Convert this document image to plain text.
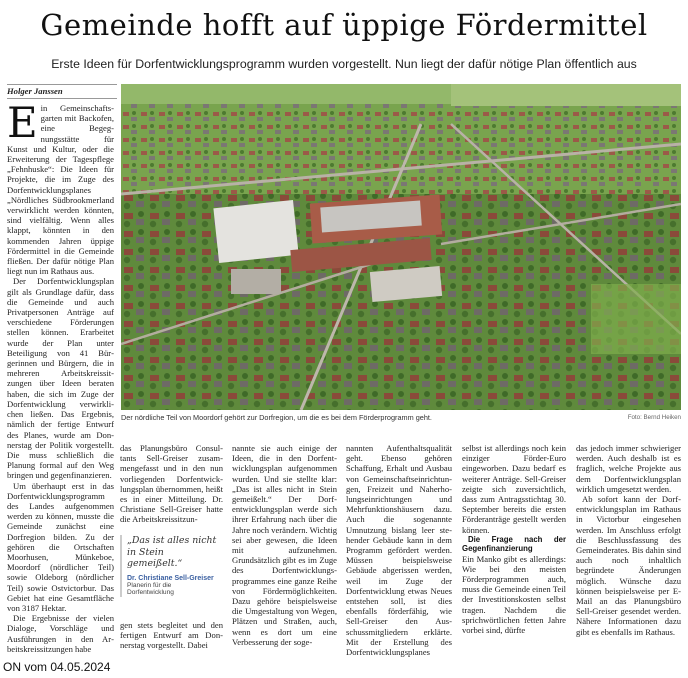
Gemeinde hofft auf üppige Fördermittel
Erste Ideen für Dorfentwicklungsprogramm wurden vorgestellt. Nun liegt der dafür nötige Plan öffentlich aus
Holger Janssen

Ein Gemeinschaftsgarten mit Backofen, eine Begegnungsstätte für Kunst und Kultur, oder die Erweiterung der Tagespflege „Fehnhuske“: Die Ideen für Projekte, die im Zuge des Dorfentwicklungsplanes „Nördliches Südbrookmerland verwirklicht werden könnten, sind vielfältig. Wenn alles klappt, könnten in den kommenden Jahren üppige Fördermittel in die Gemeinde fließen. Der dafür nötige Plan liegt nun im Rathaus aus.

Der Dorfentwicklungsplan gilt als Grundlage dafür, dass die Gemeinde und auch Privatpersonen Anträge auf verschiedene Förderungen stellen können. Erarbeitet wurde der Plan unter Beteiligung von 41 Bürgerinnen und Bürgern, die in mehreren Arbeitskreissitzungen über Ideen beraten haben, die sich im Zuge der Dorfentwicklung verwirklichen ließen. Das Ergebnis, nämlich der fertige Entwurf des Planes, wurde am Donnerstag der Politik vorgestellt. Die muss schließlich die Planung formal auf den Weg bringen und gegenfinanzieren.

Um überhaupt erst in das Dorfentwicklungsprogramm des Landes aufgenommen werden zu können, musste die Gemeinde zunächst eine Dorfregion bilden. Zu der gehören die Ortschaften Moorhusen, Münkeboe, Moordorf (nördlicher Teil) sowie Oldeborg (nördlicher Teil) sowie Ostvictorbur. Das Gebiet hat eine Gesamtfläche von 3187 Hektar.

Die Ergebnisse der vielen Dialoge, Vorschläge und Ausführungen in den Arbeitskreissitzungen habe

Der nördliche Teil von Moordorf gehört zur Dorfregion, um die es bei dem Förderprogramm geht.	Foto: Bernd Heiken

das Planungsbüro Consultants Sell-Greiser zusammengefasst und in den nun vorliegenden Dorfentwicklungsplan übernommen, heißt es in einer Mitteilung. Dr. Christiane Sell-Greiser hatte die Arbeitskreissitzun-

„Das ist alles nicht in Stein gemeißelt.“
Dr. Christiane Sell-Greiser
Planerin für die Dorfentwicklung

gen stets begleitet und den fertigen Entwurf am Donnerstag vorgestellt. Dabei

nannte sie auch einige der Ideen, die in den Dorfentwicklungsplan aufgenommen wurden. Und sie stellte klar: „Das ist alles nicht in Stein gemeißelt.“ Der Dorfentwicklungsplan werde sich ihrer Erfahrung nach über die Jahre noch verändern. Wichtig sei aber gewesen, die Ideen mit aufzunehmen. Grundsätzlich gibt es im Zuge des Dorfentwicklungsprogrammes eine ganze Reihe von Fördermöglichkeiten. Dazu gehöre beispielsweise die Umgestaltung von Wegen, Plätzen und Straßen, auch, wenn es dort um eine Verbesserung der soge-

nannten Aufenthaltsqualität geht. Ebenso gehören Schaffung, Erhalt und Ausbau von Gemeinschaftseinrichtungen, Freizeit und Naherholungseinrichtungen und Mehrfunktionshäusern dazu. Auch die sogenannte Umnutzung bislang leer stehender Gebäude kann in dem Programm gefördert werden. Müssen beispielsweise Gebäude abgerissen werden, weil im Zuge der Dorfentwicklung etwas Neues entstehen soll, ist dies ebenfalls förderfähig, wie Sell-Greiser den Ausschussmitgliedern erklärte. Mit der Erstellung des Dorfentwicklungsplanes

selbst ist allerdings noch kein einziger Förder-Euro eingeworben. Dazu bedarf es weiterer Anträge. Sell-Greiser zeigte sich zuversichtlich, dass zum Antragsstichtag 30. September bereits die ersten Förderanträge gestellt werden können.

Die Frage nach der Gegenfinanzierung

Ein Manko gibt es allerdings: Wie bei den meisten Förderprogrammen auch, muss die Gemeinde einen Teil der Investitionskosten selbst tragen. Nachdem die sprichwörtlichen fetten Jahre vorbei sind, dürfte

das jedoch immer schwieriger werden. Auch deshalb ist es fraglich, welche Projekte aus dem Dorfentwicklungsplan wirklich umgesetzt werden.

Ab sofort kann der Dorfentwicklungsplan im Rathaus in Victorbur eingesehen werden. Im Anschluss erfolgt die Beschlussfassung des Gemeinderates. Bis dahin sind auch noch inhaltlich begründete Änderungen möglich. Wünsche dazu können beispielsweise per E-Mail an das Planungsbüro Sell-Greiser gesendet werden. Nähere Informationen dazu gibt es ebenfalls im Rathaus.

ON vom 04.05.2024
